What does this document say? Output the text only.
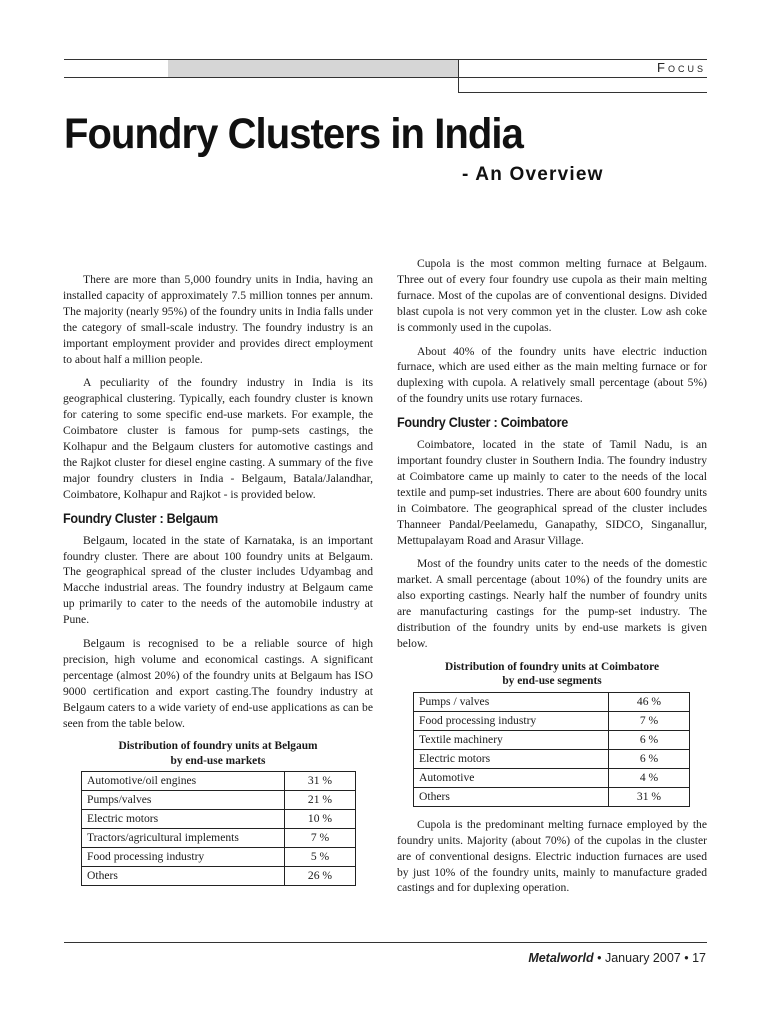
Focus
Foundry Clusters in India
- An Overview

There are more than 5,000 foundry units in India, having an installed capacity of approximately 7.5 million tonnes per annum. The majority (nearly 95%) of the foundry units in India falls under the category of small-scale industry. The foundry industry is an important employment provider and provides direct employment to about half a million people.

A peculiarity of the foundry industry in India is its geographical clustering. Typically, each foundry cluster is known for catering to some specific end-use markets. For example, the Coimbatore cluster is famous for pump-sets castings, the Kolhapur and the Belgaum clusters for automotive castings and the Rajkot cluster for diesel engine casting. A summary of the five major foundry clusters in India - Belgaum, Batala/Jalandhar, Coimbatore, Kolhapur and Rajkot - is provided below.

Foundry Cluster : Belgaum

Belgaum, located in the state of Karnataka, is an important foundry cluster. There are about 100 foundry units at Belgaum. The geographical spread of the cluster includes Udyambag and Macche industrial areas. The foundry industry at Belgaum came up primarily to cater to the needs of the automobile industry at Pune.

Belgaum is recognised to be a reliable source of high precision, high volume and economical castings. A significant percentage (almost 20%) of the foundry units at Belgaum has ISO 9000 certification and export casting.The foundry industry at Belgaum caters to a wide variety of end-use applications as can be seen from the table below.

Distribution of foundry units at Belgaum
by end-use markets
Automotive/oil engines	31 %
Pumps/valves	21 %
Electric motors	10 %
Tractors/agricultural implements	7 %
Food processing industry	5 %
Others	26 %

Cupola is the most common melting furnace at Belgaum. Three out of every four foundry use cupola as their main melting furnace. Most of the cupolas are of conventional designs. Divided blast cupola is not very common yet in the cluster. Low ash coke is commonly used in the cupolas.

About 40% of the foundry units have electric induction furnace, which are used either as the main melting furnace or for duplexing with cupola. A relatively small percentage (about 5%) of the foundry units use rotary furnaces.

Foundry Cluster : Coimbatore

Coimbatore, located in the state of Tamil Nadu, is an important foundry cluster in Southern India. The foundry industry at Coimbatore came up mainly to cater to the needs of the local textile and pump-set industries. There are about 600 foundry units in Coimbatore. The geographical spread of the cluster includes Thanneer Pandal/Peelamedu, Ganapathy, SIDCO, Singanallur, Mettupalayam Road and Arasur Village.

Most of the foundry units cater to the needs of the domestic market. A small percentage (about 10%) of the foundry units are also exporting castings. Nearly half the number of foundry units are manufacturing castings for the pump-set industry. The distribution of the foundry units by end-use markets is given below.

Distribution of foundry units at Coimbatore
by end-use segments
Pumps / valves	46 %
Food processing industry	7 %
Textile machinery	6 %
Electric motors	6 %
Automotive	4 %
Others	31 %

Cupola is the predominant melting furnace employed by the foundry units. Majority (about 70%) of the cupolas in the cluster are of conventional designs. Electric induction furnaces are used by just 10% of the foundry units, mainly to manufacture graded castings and for duplexing operation.

Metalworld • January 2007 • 17
